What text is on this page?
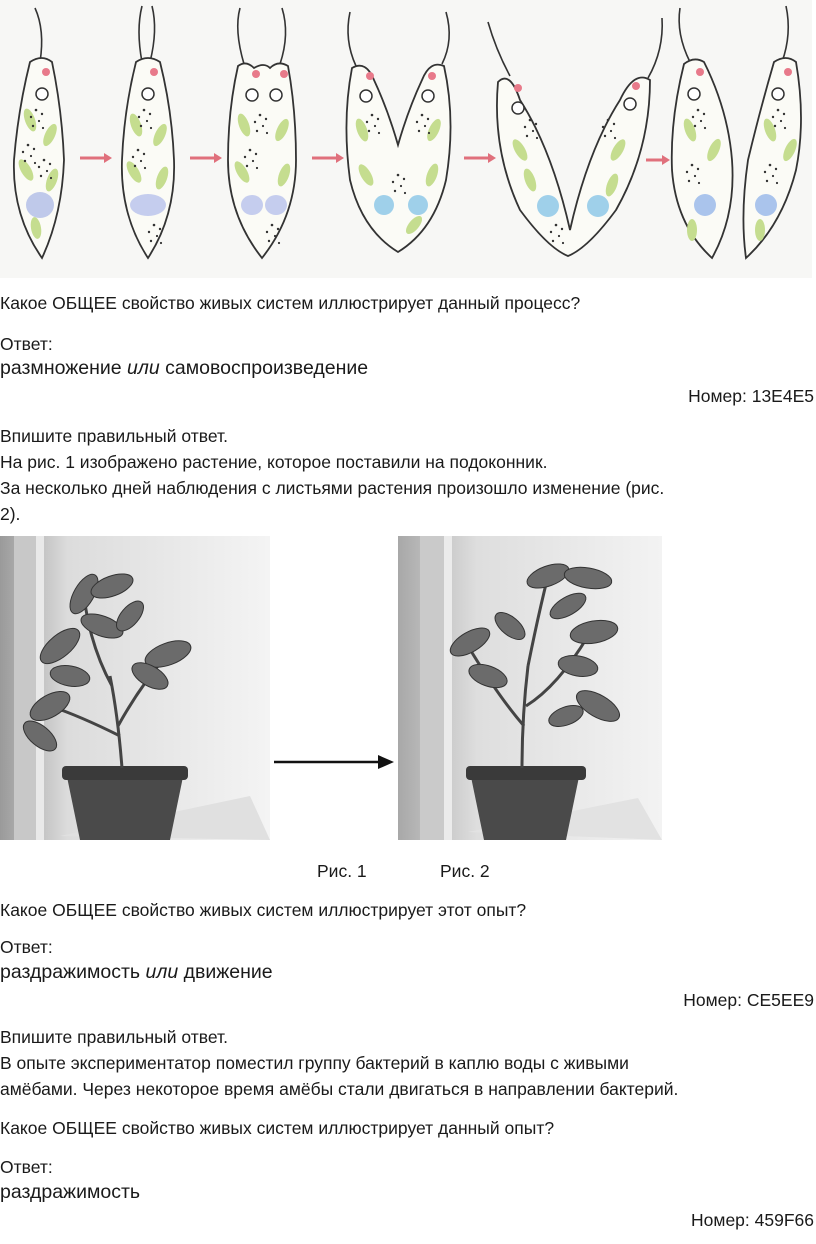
Какое ОБЩЕЕ свойство живых систем иллюстрирует данный процесс?
Ответ:
размножение или самовоспроизведение
Номер: 13E4E5
Впишите правильный ответ.
На рис. 1 изображено растение, которое поставили на подоконник.
За несколько дней наблюдения с листьями растения произошло изменение (рис.
2).
Рис. 1	Рис. 2
Какое ОБЩЕЕ свойство живых систем иллюстрирует этот опыт?
Ответ:
раздражимость или движение
Номер: CE5EE9
Впишите правильный ответ.
В опыте экспериментатор поместил группу бактерий в каплю воды с живыми
амёбами. Через некоторое время амёбы стали двигаться в направлении бактерий.
Какое ОБЩЕЕ свойство живых систем иллюстрирует данный опыт?
Ответ:
раздражимость
Номер: 459F66
